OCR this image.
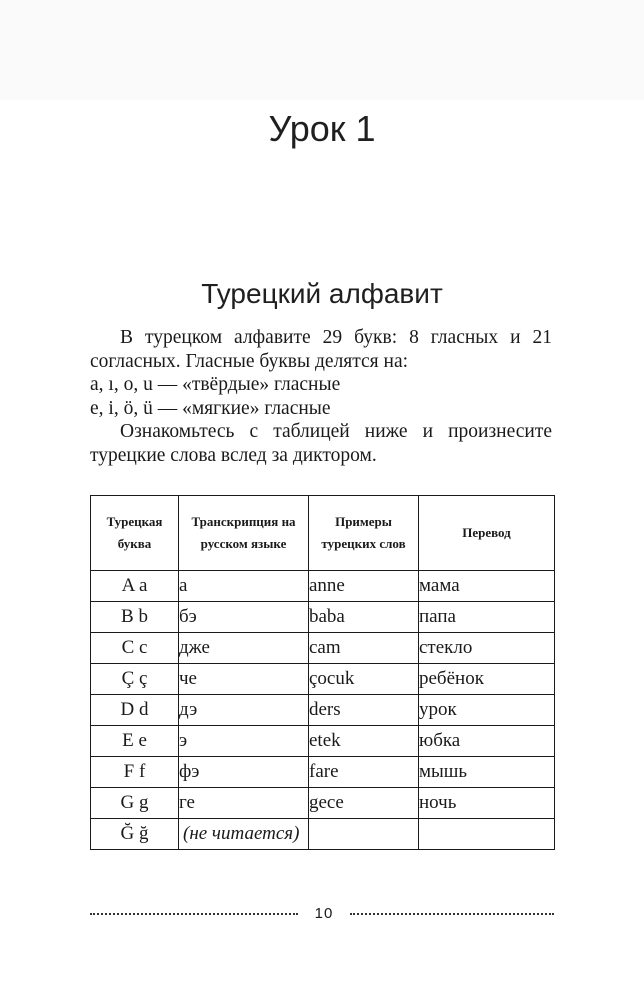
Урок 1
Турецкий алфавит

В турецком алфавите 29 букв: 8 гласных и 21 согласных. Гласные буквы делятся на:

a, ı, o, u — «твёрдые» гласные

e, i, ö, ü — «мягкие» гласные

Ознакомьтесь с таблицей ниже и произнесите турецкие слова вслед за диктором.

Турецкая буква	Транскрипция на русском языке	Примеры турецких слов	Перевод
A a	а	anne	мама
B b	бэ	baba	папа
C c	дже	cam	стекло
Ç ç	че	çocuk	ребёнок
D d	дэ	ders	урок
E e	э	etek	юбка
F f	фэ	fare	мышь
G g	ге	gece	ночь
Ğ ğ	(не читается)		
10
